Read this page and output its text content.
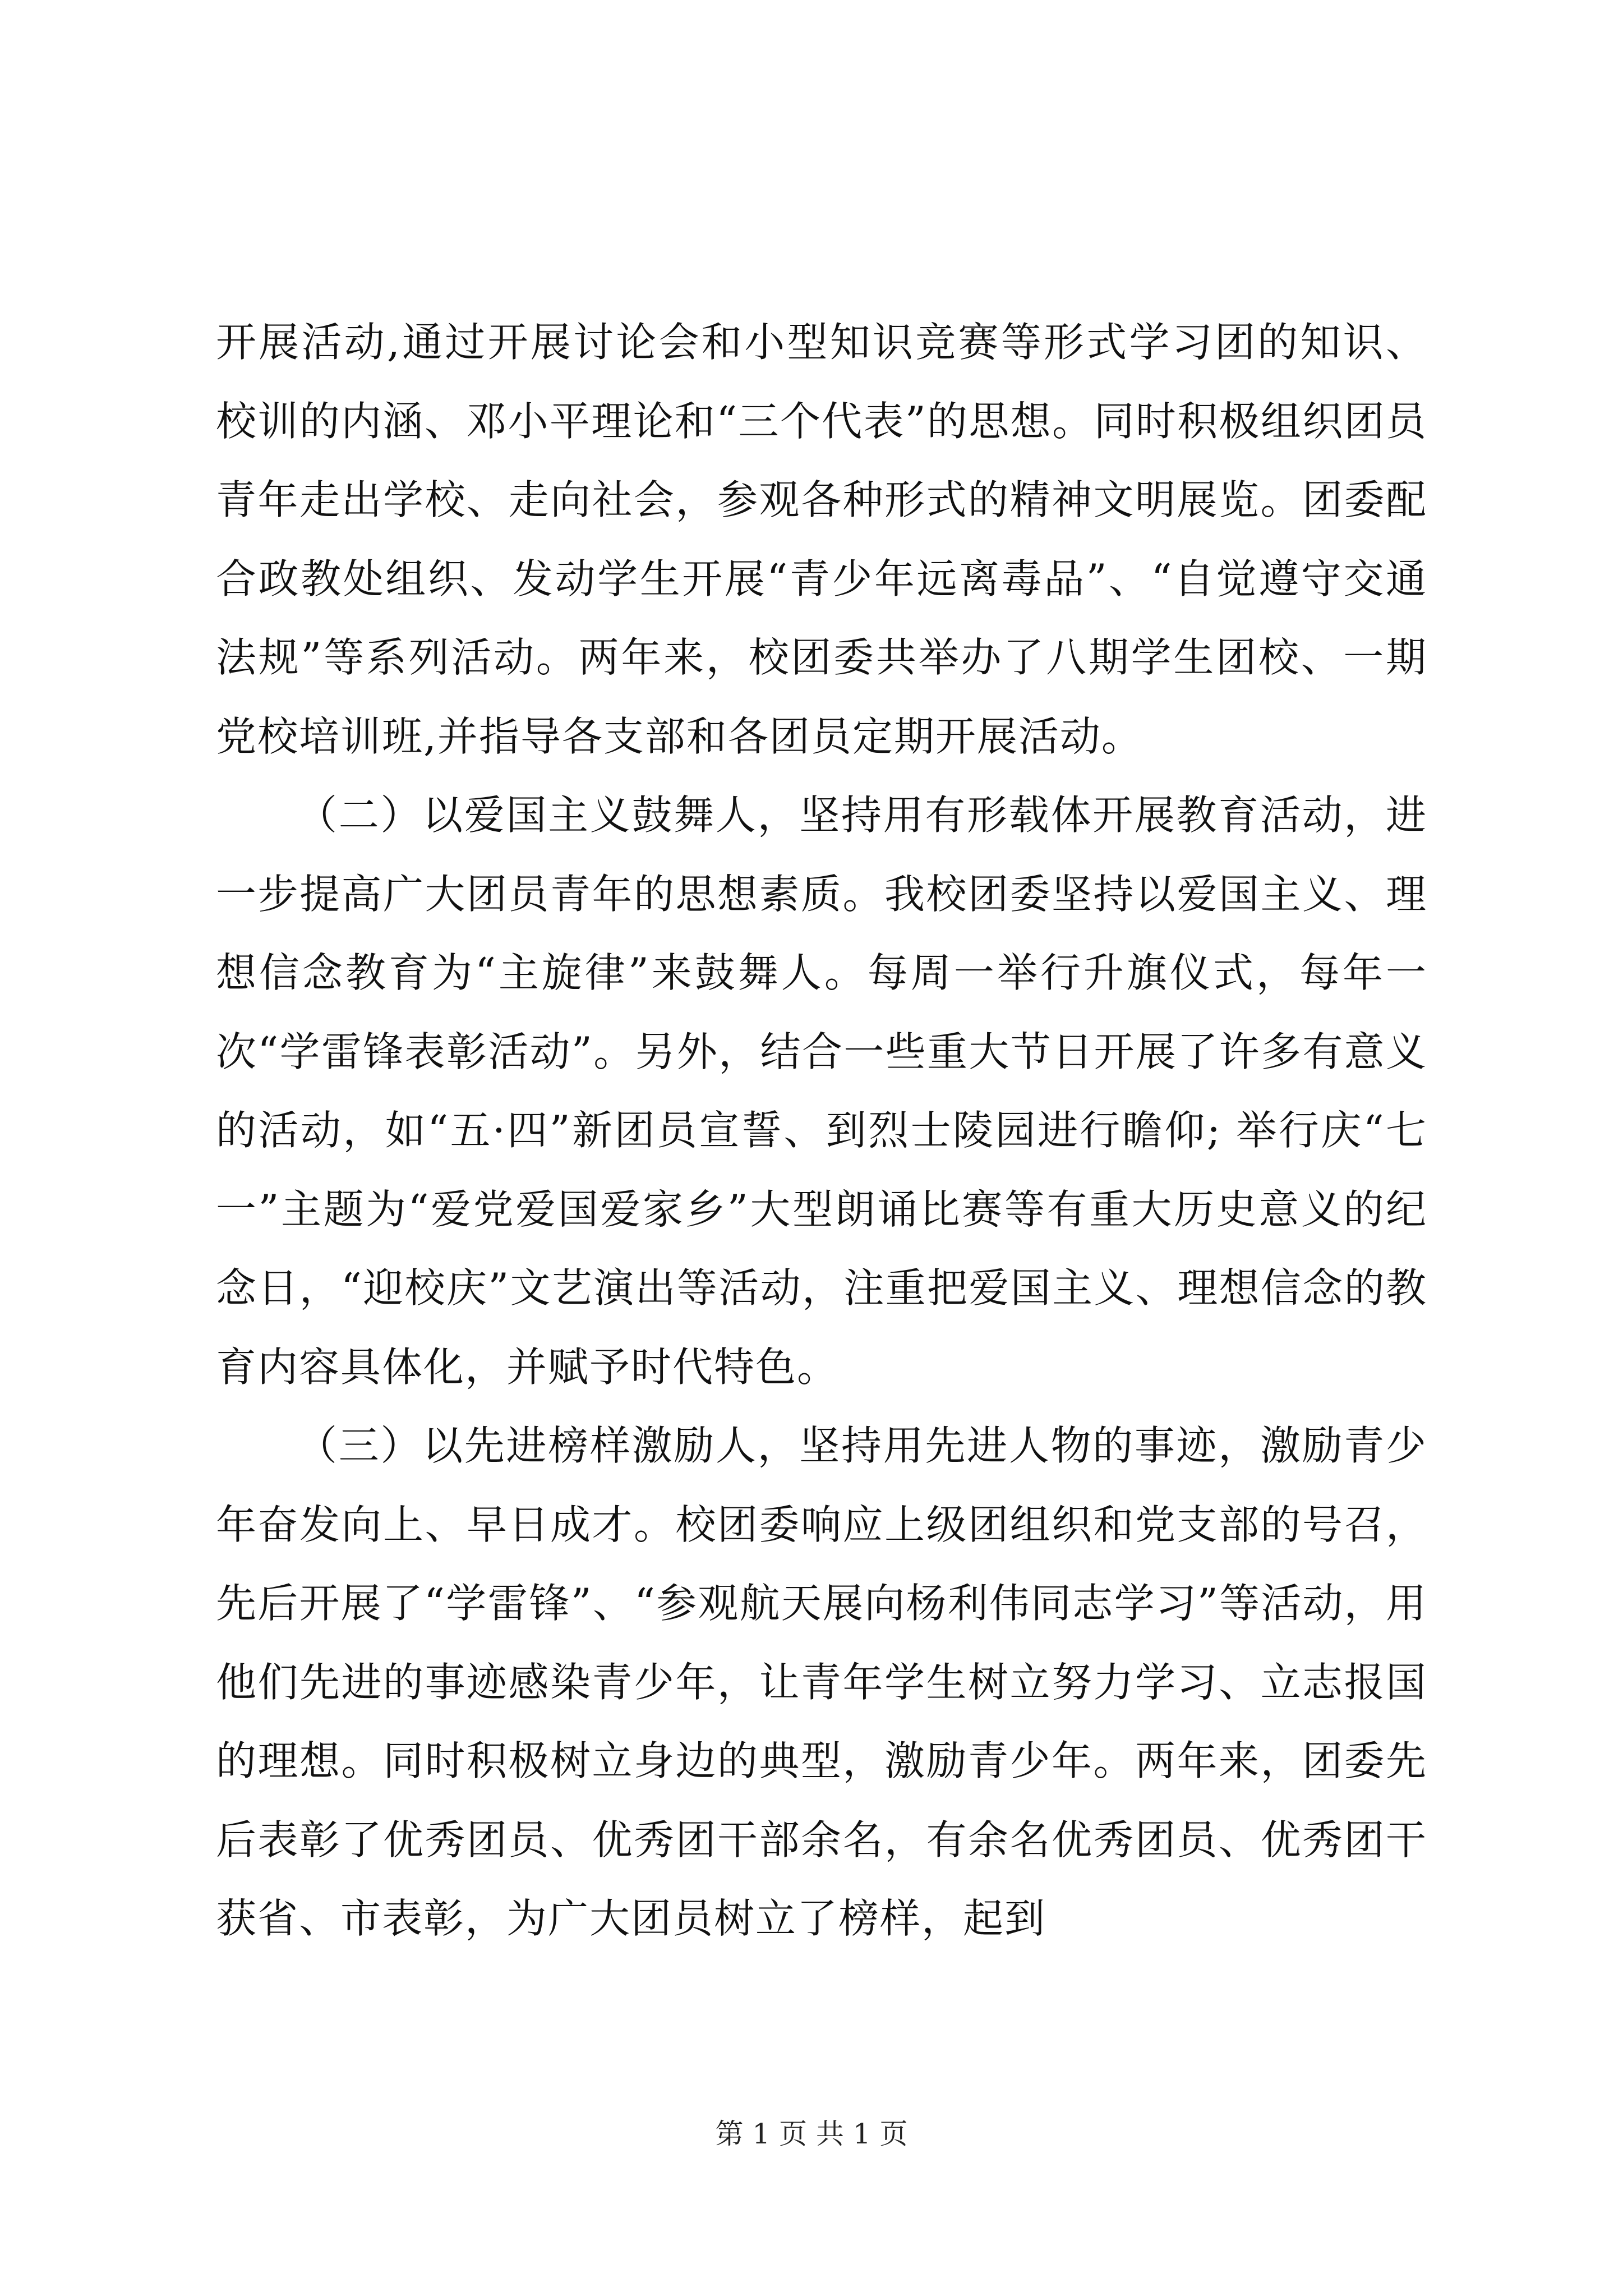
开展活动,通过开展讨论会和小型知识竞赛等形式学习团的知识、校训的内涵、邓小平理论和“三个代表”的思想。同时积极组织团员青年走出学校、走向社会，参观各种形式的精神文明展览。团委配合政教处组织、发动学生开展“青少年远离毒品”、“自觉遵守交通法规”等系列活动。两年来，校团委共举办了八期学生团校、一期党校培训班,并指导各支部和各团员定期开展活动。

（二）以爱国主义鼓舞人，坚持用有形载体开展教育活动，进一步提高广大团员青年的思想素质。我校团委坚持以爱国主义、理想信念教育为“主旋律”来鼓舞人。每周一举行升旗仪式，每年一次“学雷锋表彰活动”。另外，结合一些重大节日开展了许多有意义的活动，如“五·四”新团员宣誓、到烈士陵园进行瞻仰; 举行庆“七一”主题为“爱党爱国爱家乡”大型朗诵比赛等有重大历史意义的纪念日，“迎校庆”文艺演出等活动，注重把爱国主义、理想信念的教育内容具体化，并赋予时代特色。

（三）以先进榜样激励人，坚持用先进人物的事迹，激励青少年奋发向上、早日成才。校团委响应上级团组织和党支部的号召，先后开展了“学雷锋”、“参观航天展向杨利伟同志学习”等活动，用他们先进的事迹感染青少年，让青年学生树立努力学习、立志报国的理想。同时积极树立身边的典型，激励青少年。两年来，团委先后表彰了优秀团员、优秀团干部余名，有余名优秀团员、优秀团干获省、市表彰，为广大团员树立了榜样，起到

第 1 页 共 1 页
